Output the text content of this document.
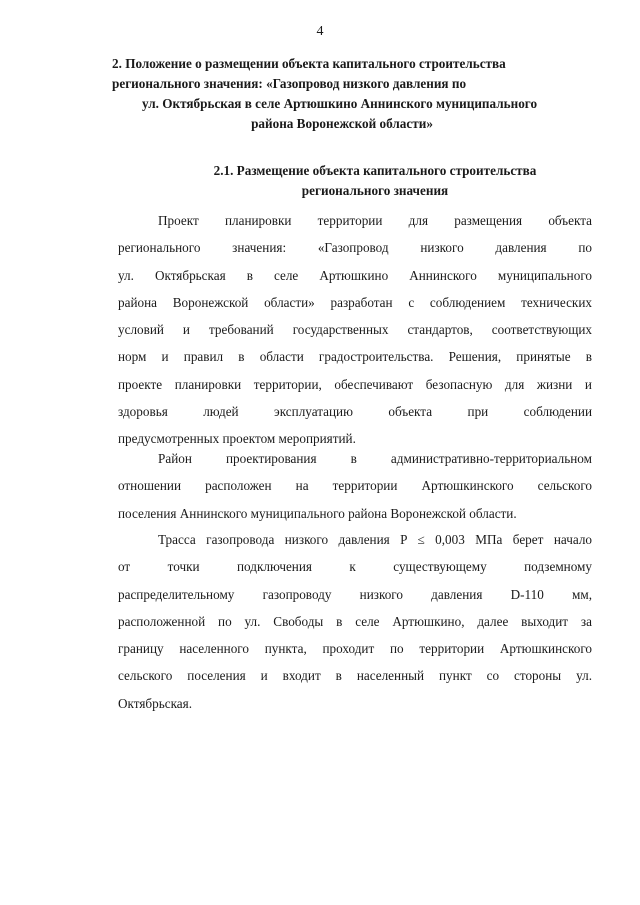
4
2. Положение о размещении объекта капитального строительства
регионального значения: «Газопровод низкого давления по
ул. Октябрьская в селе Артюшкино Аннинского муниципального
района Воронежской области»
2.1. Размещение объекта капитального строительства
регионального значения
Проект планировки территории для размещения объекта
регионального значения: «Газопровод низкого давления по
ул. Октябрьская в селе Артюшкино Аннинского муниципального
района Воронежской области» разработан с соблюдением технических
условий и требований государственных стандартов, соответствующих
норм и правил в области градостроительства. Решения, принятые в
проекте планировки территории, обеспечивают безопасную для жизни и
здоровья людей эксплуатацию объекта при соблюдении
предусмотренных проектом мероприятий.
Район проектирования в административно-территориальном
отношении расположен на территории Артюшкинского сельского
поселения Аннинского муниципального района Воронежской области.
Трасса газопровода низкого давления P ≤ 0,003 МПа берет начало
от точки подключения к существующему подземному
распределительному газопроводу низкого давления D-110 мм,
расположенной по ул. Свободы в селе Артюшкино, далее выходит за
границу населенного пункта, проходит по территории Артюшкинского
сельского поселения и входит в населенный пункт со стороны ул.
Октябрьская.
